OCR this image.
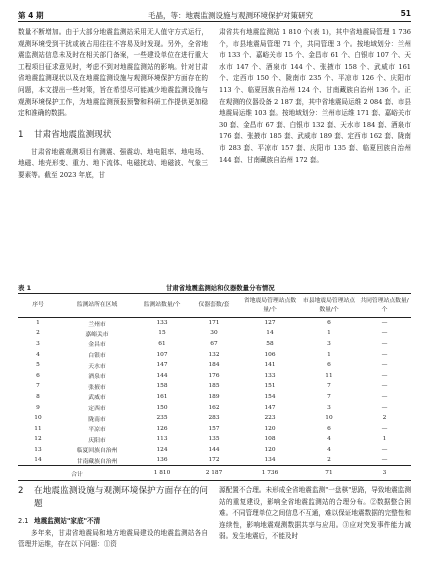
第 4 期	毛晶，等：地震监测设施与观测环境保护对策研究	51

数量不断增加。由于大部分地震监测站采用无人值守方式运行，观测环境受到干扰或被占用往往不容易及时发现。另外，全省地震监测站信息未及时在相关部门备案，一些建设单位在进行重大工程项目征求意见时，考虑不到对地震监测站的影响。针对甘肃省地震监测现状以及在地震监测设施与观测环境保护方面存在的问题，本文提出一些对策，旨在希望尽可能减少地震监测设施与观测环境保护工作，为地震监测预报预警和科研工作提供更加稳定和准确的数据。

1 甘肃省地震监测现状

甘肃省地震观测项目有测震、强震动、地电阻率、地电场、地磁、地壳形变、重力、地下流体、电磁扰动、地磁波、气象三要素等。截至 2023 年底，甘

肃省共有地震监测站 1 810 个(表 1)，其中省地震局管理 1 736 个，市县地震局管理 71 个，共同管理 3 个。按地域划分：兰州市 133 个、嘉峪关市 15 个、金昌市 61 个、白银市 107 个、天水市 147 个、酒泉市 144 个、张掖市 158 个、武威市 161 个、定西市 150 个、陇南市 235 个、平凉市 126 个、庆阳市 113 个、临夏回族自治州 124 个、甘南藏族自治州 136 个。正在观测的仪器设备 2 187 套，其中省地震局运维 2 084 套、市县地震局运维 103 套。按地域划分：兰州市运维 171 套、嘉峪关市 30 套、金昌市 67 套、白银市 132 套、天水市 184 套、酒泉市 176 套、张掖市 185 套、武威市 189 套、定西市 162 套、陇南市 283 套、平凉市 157 套、庆阳市 135 套、临夏回族自治州 144 套、甘南藏族自治州 172 套。

表 1	甘肃省地震监测站和仪器数量分布情况
序号	监测站所在区域	监测站数量/个	仪器套数/套	省地震局管理站点数量/个	市县地震局管理站点数量/个	共同管理站点数量/个
1	兰州市	133	171	127	6	—
2	嘉峪关市	15	30	14	1	—
3	金昌市	61	67	58	3	—
4	白银市	107	132	106	1	—
5	天水市	147	184	141	6	—
6	酒泉市	144	176	133	11	—
7	张掖市	158	185	151	7	—
8	武威市	161	189	154	7	—
9	定西市	150	162	147	3	—
10	陇南市	235	283	223	10	2
11	平凉市	126	157	120	6	—
12	庆阳市	113	135	108	4	1
13	临夏回族自治州	124	144	120	4	—
14	甘南藏族自治州	136	172	134	2	—
合计		1 810	2 187	1 736	71	3
2	在地震监测设施与观测环境保护方面存在的问题
2.1 地震监测站"家底"不清

多年来，甘肃省地震局和地方地震局建设的地震监测站各自管理并运维，存在以下问题：①资

源配置不合理。未形成全省地震监测"一盘棋"思路，导致地震监测站的重复建设，影响全省地震监测站的合理分布。②数据整合困难。不同管理单位之间信息不互通，难以保证地震数据的完整性和连续性，影响地震观测数据共享与应用。③应对突发事件能力减弱。发生地震后，不能及时
